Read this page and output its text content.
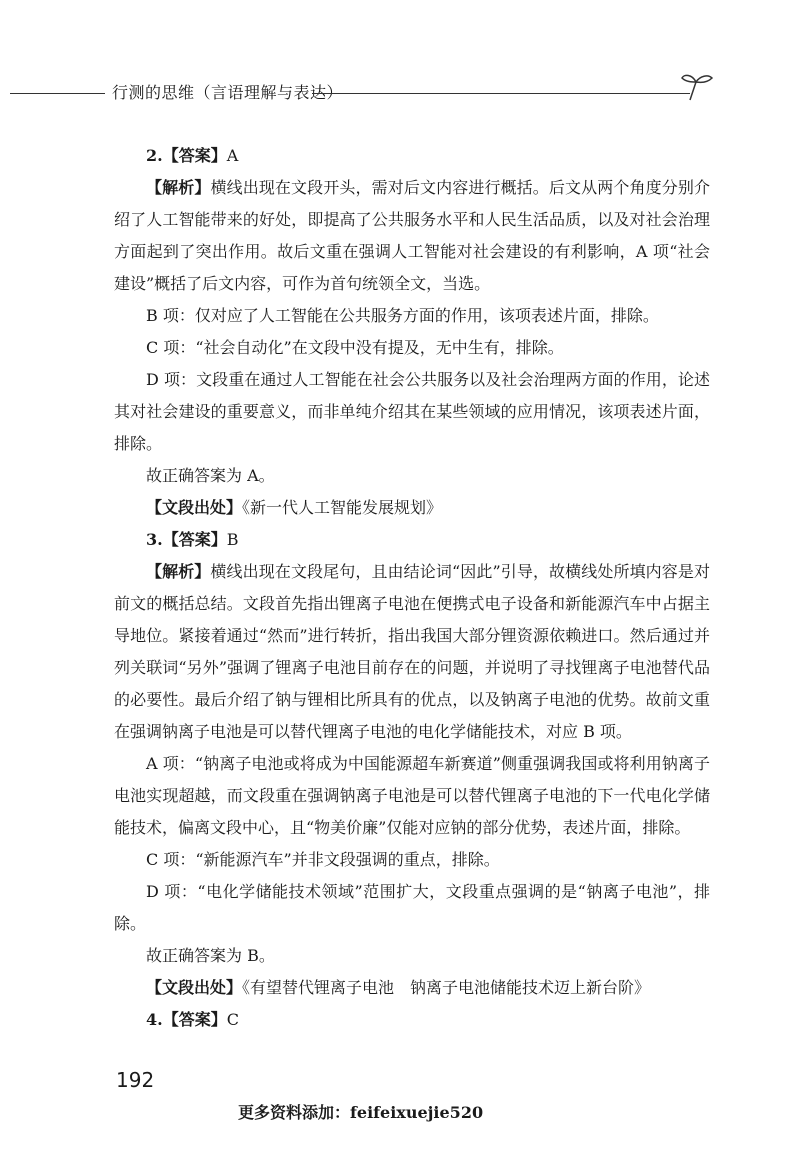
行测的思维（言语理解与表达）

2.【答案】A

【解析】横线出现在文段开头，需对后文内容进行概括。后文从两个角度分别介绍了人工智能带来的好处，即提高了公共服务水平和人民生活品质，以及对社会治理方面起到了突出作用。故后文重在强调人工智能对社会建设的有利影响，A 项“社会建设”概括了后文内容，可作为首句统领全文，当选。

B 项：仅对应了人工智能在公共服务方面的作用，该项表述片面，排除。

C 项：“社会自动化”在文段中没有提及，无中生有，排除。

D 项：文段重在通过人工智能在社会公共服务以及社会治理两方面的作用，论述其对社会建设的重要意义，而非单纯介绍其在某些领域的应用情况，该项表述片面，排除。

故正确答案为 A。

【文段出处】《新一代人工智能发展规划》

3.【答案】B

【解析】横线出现在文段尾句，且由结论词“因此”引导，故横线处所填内容是对前文的概括总结。文段首先指出锂离子电池在便携式电子设备和新能源汽车中占据主导地位。紧接着通过“然而”进行转折，指出我国大部分锂资源依赖进口。然后通过并列关联词“另外”强调了锂离子电池目前存在的问题，并说明了寻找锂离子电池替代品的必要性。最后介绍了钠与锂相比所具有的优点，以及钠离子电池的优势。故前文重在强调钠离子电池是可以替代锂离子电池的电化学储能技术，对应 B 项。

A 项：“钠离子电池或将成为中国能源超车新赛道”侧重强调我国或将利用钠离子电池实现超越，而文段重在强调钠离子电池是可以替代锂离子电池的下一代电化学储能技术，偏离文段中心，且“物美价廉”仅能对应钠的部分优势，表述片面，排除。

C 项：“新能源汽车”并非文段强调的重点，排除。

D 项：“电化学储能技术领域”范围扩大，文段重点强调的是“钠离子电池”，排除。

故正确答案为 B。

【文段出处】《有望替代锂离子电池　钠离子电池储能技术迈上新台阶》

4.【答案】C

192
更多资料添加：feifeixuejie520
